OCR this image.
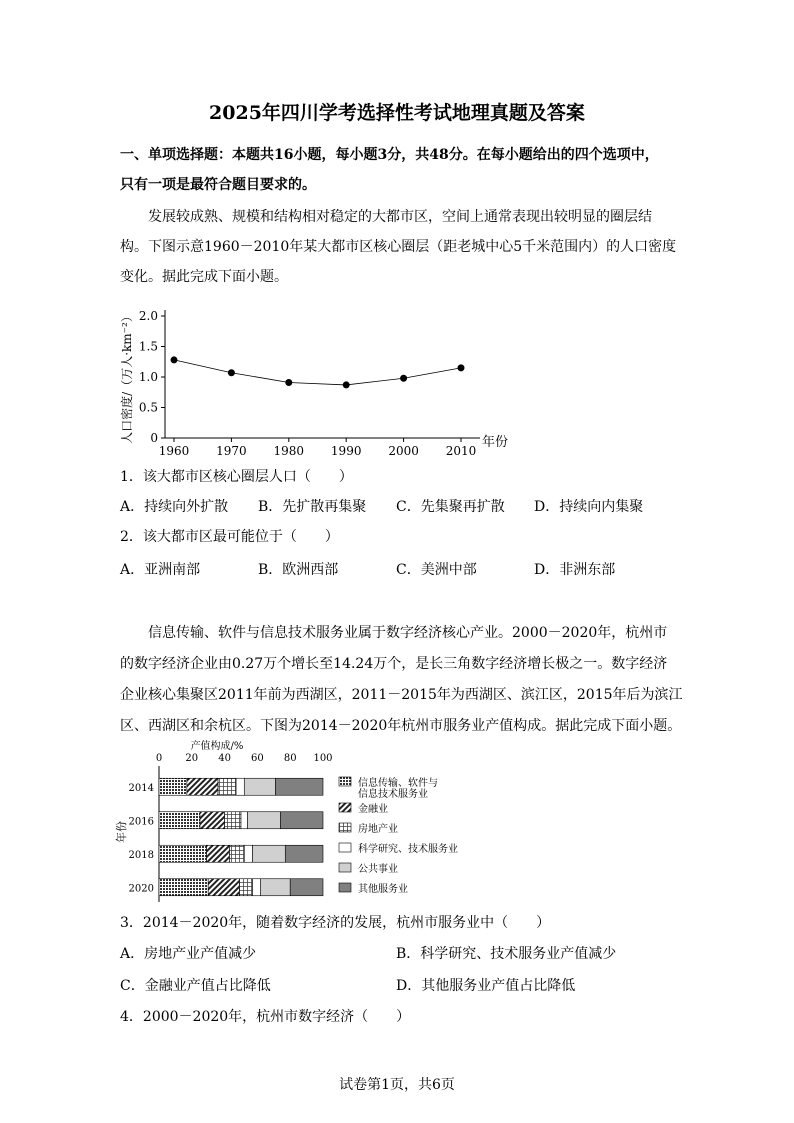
2025年四川学考选择性考试地理真题及答案
一、单项选择题：本题共16小题，每小题3分，共48分。在每小题给出的四个选项中，
只有一项是最符合题目要求的。
发展较成熟、规模和结构相对稳定的大都市区，空间上通常表现出较明显的圈层结
构。下图示意1960－2010年某大都市区核心圈层（距老城中心5千米范围内）的人口密度
变化。据此完成下面小题。
0
0.5
1.0
1.5
2.0
1960 1970 1980 1990 2000 2010
年份
人口密度/（万人·km⁻²）
1．该大都市区核心圈层人口（　　）
A．持续向外扩散 B．先扩散再集聚 C．先集聚再扩散 D．持续向内集聚
2．该大都市区最可能位于（　　）
A．亚洲南部	B．欧洲西部	C．美洲中部	D．非洲东部
信息传输、软件与信息技术服务业属于数字经济核心产业。2000－2020年，杭州市
的数字经济企业由0.27万个增长至14.24万个，是长三角数字经济增长极之一。数字经济
企业核心集聚区2011年前为西湖区，2011－2015年为西湖区、滨江区，2015年后为滨江
区、西湖区和余杭区。下图为2014－2020年杭州市服务业产值构成。据此完成下面小题。
产值构成/%
0 20 40 60 80 100
2014
2016
2018
2020
年份
信息传输、软件与
信息技术服务业
金融业
房地产业
科学研究、技术服务业
公共事业
其他服务业
3．2014－2020年，随着数字经济的发展，杭州市服务业中（　　）
A．房地产业产值减少	B．科学研究、技术服务业产值减少
C．金融业产值占比降低	D．其他服务业产值占比降低
4．2000－2020年，杭州市数字经济（　　）
试卷第1页，共6页
